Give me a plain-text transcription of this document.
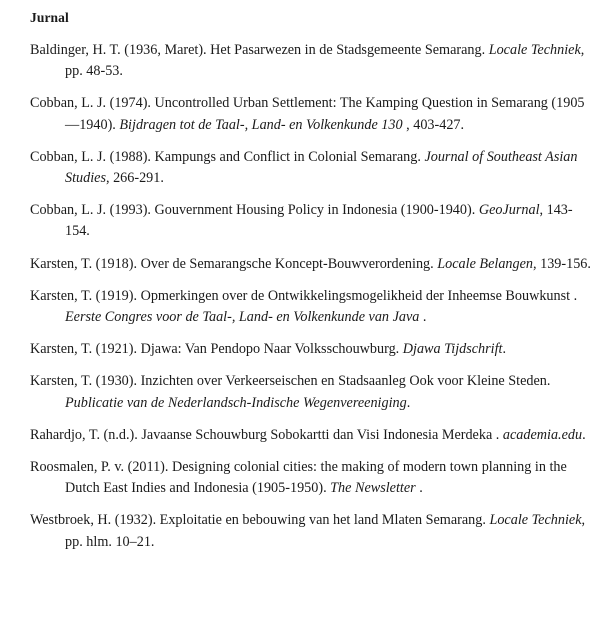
Jurnal

Baldinger, H. T. (1936, Maret). Het Pasarwezen in de Stadsgemeente Semarang. Locale Techniek, pp. 48-53.

Cobban, L. J. (1974). Uncontrolled Urban Settlement: The Kamping Question in Semarang (1905—1940). Bijdragen tot de Taal-, Land- en Volkenkunde 130 , 403-427.

Cobban, L. J. (1988). Kampungs and Conflict in Colonial Semarang. Journal of Southeast Asian Studies, 266-291.

Cobban, L. J. (1993). Gouvernment Housing Policy in Indonesia (1900-1940). GeoJurnal, 143-154.

Karsten, T. (1918). Over de Semarangsche Koncept-Bouwverordening. Locale Belangen, 139-156.

Karsten, T. (1919). Opmerkingen over de Ontwikkelingsmogelikheid der Inheemse Bouwkunst . Eerste Congres voor de Taal-, Land- en Volkenkunde van Java .

Karsten, T. (1921). Djawa: Van Pendopo Naar Volksschouwburg. Djawa Tijdschrift.

Karsten, T. (1930). Inzichten over Verkeerseischen en Stadsaanleg Ook voor Kleine Steden. Publicatie van de Nederlandsch-Indische Wegenvereeniging.

Rahardjo, T. (n.d.). Javaanse Schouwburg Sobokartti dan Visi Indonesia Merdeka . academia.edu.

Roosmalen, P. v. (2011). Designing colonial cities: the making of modern town planning in the Dutch East Indies and Indonesia (1905-1950). The Newsletter .

Westbroek, H. (1932). Exploitatie en bebouwing van het land Mlaten Semarang. Locale Techniek, pp. hlm. 10–21.
